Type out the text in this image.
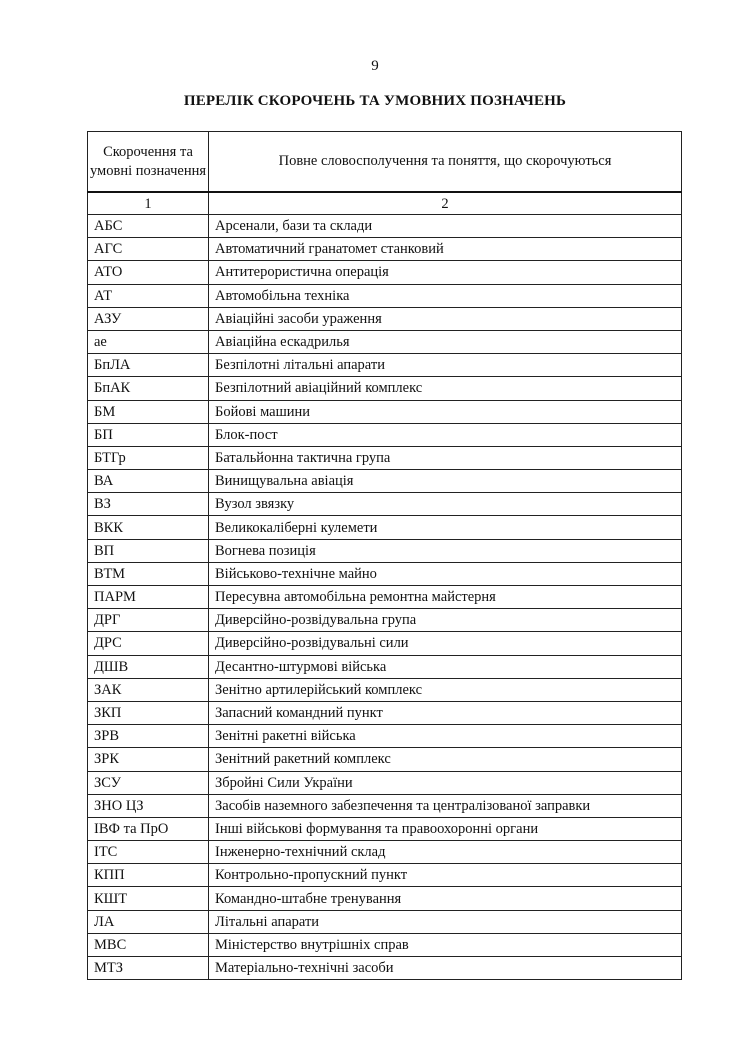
9
ПЕРЕЛІК СКОРОЧЕНЬ ТА УМОВНИХ ПОЗНАЧЕНЬ
Скорочення та умовні позначення	Повне словосполучення та поняття, що скорочуються
1	2
АБС	Арсенали, бази та склади
АГС	Автоматичний гранатомет станковий
АТО	Антитерористична операція
АТ	Автомобільна техніка
АЗУ	Авіаційні засоби ураження
ае	Авіаційна ескадрилья
БпЛА	Безпілотні літальні апарати
БпАК	Безпілотний авіаційний комплекс
БМ	Бойові машини
БП	Блок-пост
БТГр	Батальйонна тактична група
ВА	Винищувальна авіація
ВЗ	Вузол звязку
ВКК	Великокаліберні кулемети
ВП	Вогнева позиція
ВТМ	Військово-технічне майно
ПАРМ	Пересувна автомобільна ремонтна майстерня
ДРГ	Диверсійно-розвідувальна група
ДРС	Диверсійно-розвідувальні сили
ДШВ	Десантно-штурмові війська
ЗАК	Зенітно артилерійський комплекс
ЗКП	Запасний командний пункт
ЗРВ	Зенітні ракетні війська
ЗРК	Зенітний ракетний комплекс
ЗСУ	Збройні Сили України
ЗНО ЦЗ	Засобів наземного забезпечення та централізованої заправки
ІВФ та ПрО	Інші військові формування та правоохоронні органи
ІТС	Інженерно-технічний склад
КПП	Контрольно-пропускний пункт
КШТ	Командно-штабне тренування
ЛА	Літальні апарати
МВС	Міністерство внутрішніх справ
МТЗ	Матеріально-технічні засоби
